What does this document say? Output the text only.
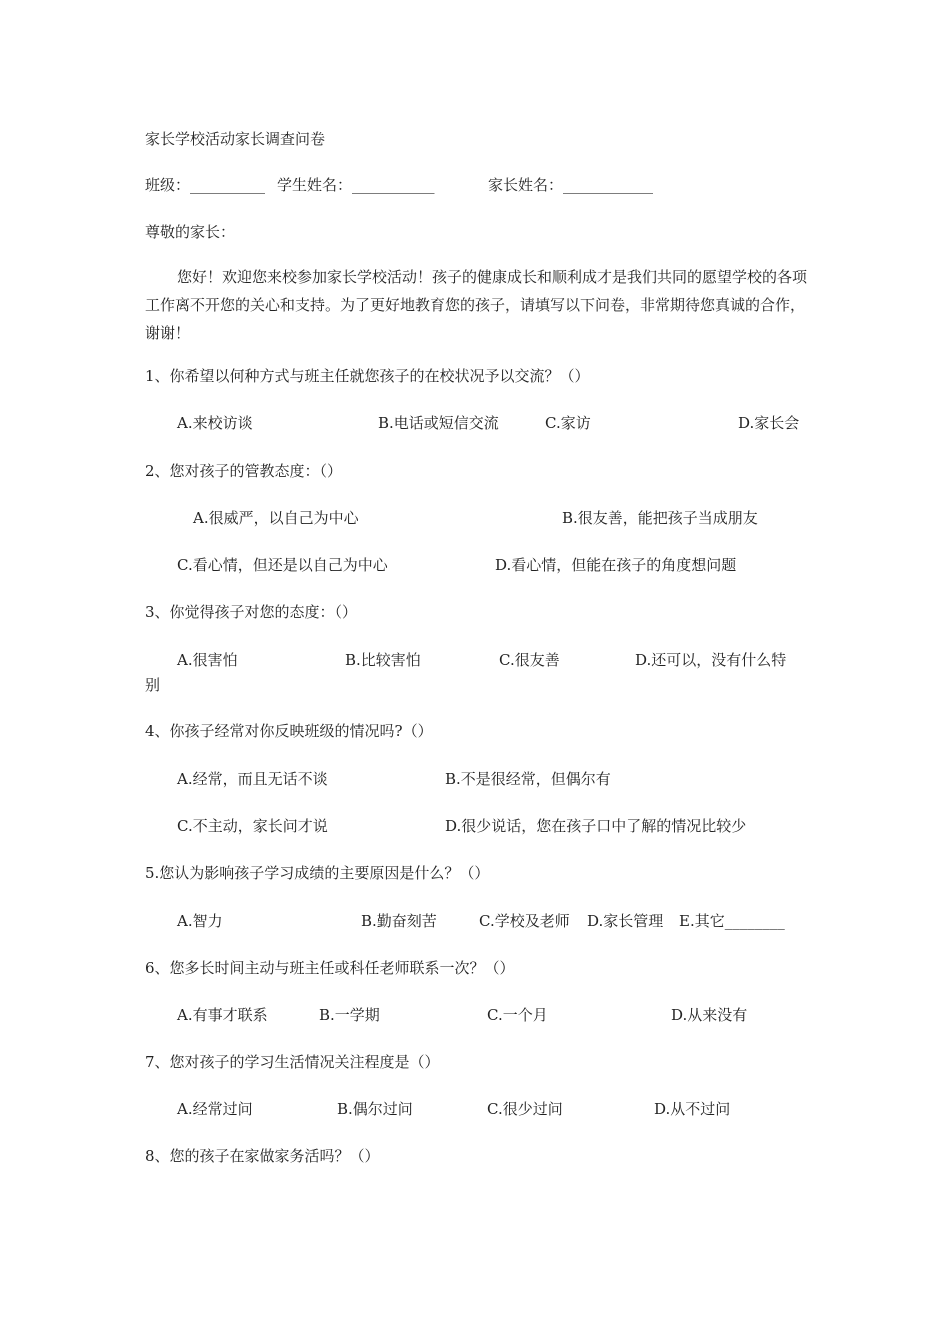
家长学校活动家长调查问卷
班级：__________ 学生姓名：___________	家长姓名：____________
尊敬的家长：
您好！欢迎您来校参加家长学校活动！孩子的健康成长和顺利成才是我们共同的愿望学校的各项工作离不开您的关心和支持。为了更好地教育您的孩子，请填写以下问卷，非常期待您真诚的合作，谢谢！
1、你希望以何种方式与班主任就您孩子的在校状况予以交流？（）
A.来校访谈	B.电话或短信交流	C.家访	D.家长会
2、您对孩子的管教态度：（）
A.很威严，以自己为中心	B.很友善，能把孩子当成朋友
C.看心情，但还是以自己为中心	D.看心情，但能在孩子的角度想问题
3、你觉得孩子对您的态度：（）
A.很害怕	B.比较害怕	C.很友善	D.还可以，没有什么特
别
4、你孩子经常对你反映班级的情况吗?（）
A.经常，而且无话不谈	B.不是很经常，但偶尔有
C.不主动，家长问才说	D.很少说话，您在孩子口中了解的情况比较少
5.您认为影响孩子学习成绩的主要原因是什么？（）
A.智力	B.勤奋刻苦	C.学校及老师 D.家长管理 E.其它________
6、您多长时间主动与班主任或科任老师联系一次？（）
A.有事才联系	B.一学期	C.一个月	D.从来没有
7、您对孩子的学习生活情况关注程度是（）
A.经常过问	B.偶尔过问	C.很少过问	D.从不过问
8、您的孩子在家做家务活吗？（）
